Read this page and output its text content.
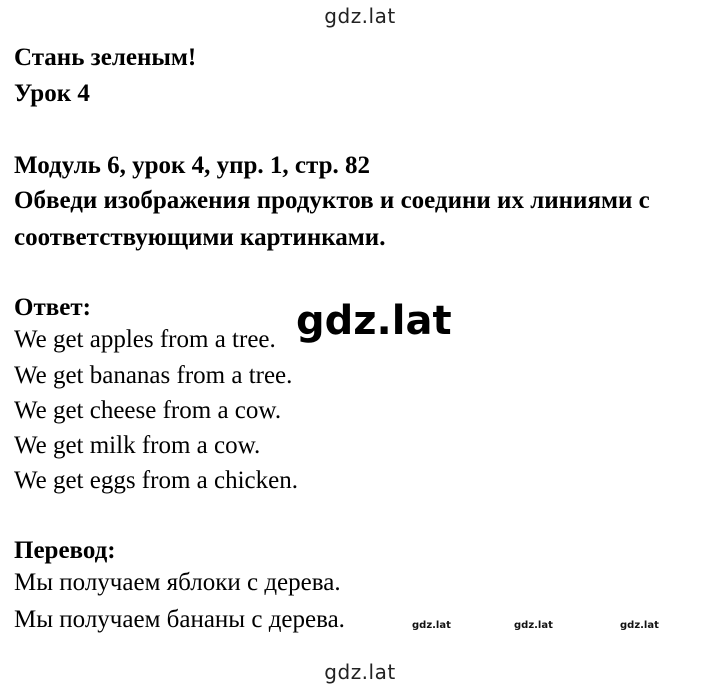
gdz.lat
Стань зеленым!
Урок 4
Модуль 6, урок 4, упр. 1, стр. 82
Обведи изображения продуктов и соедини их линиями с
соответствующими картинками.
Ответ:
We get apples from a tree.
We get bananas from a tree.
We get cheese from a cow.
We get milk from a cow.
We get eggs from a chicken.
gdz.lat
Перевод:
Мы получаем яблоки с дерева.
Мы получаем бананы с дерева.	gdz.lat	gdz.lat	gdz.lat
gdz.lat
